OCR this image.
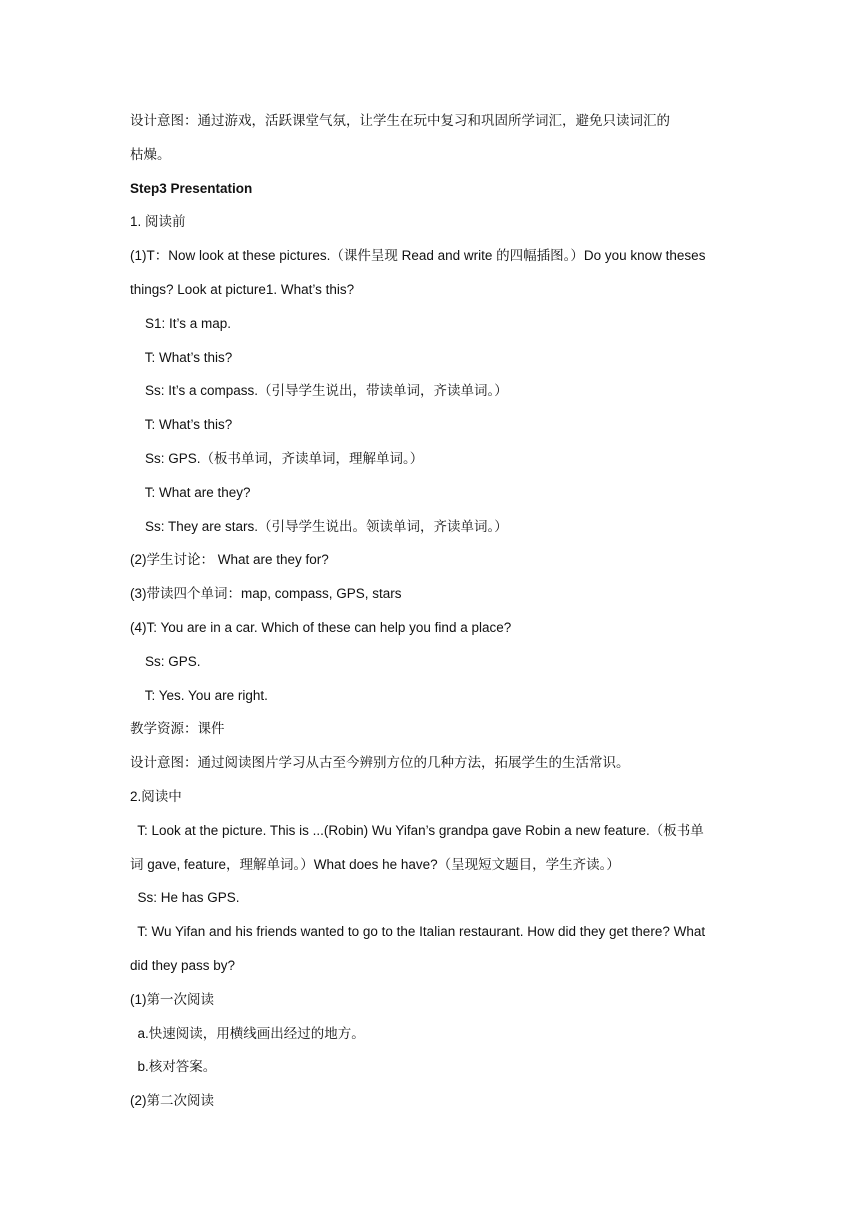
设计意图：通过游戏，活跃课堂气氛，让学生在玩中复习和巩固所学词汇，避免只读词汇的
枯燥。
Step3 Presentation
1. 阅读前
(1)T：Now look at these pictures.（课件呈现 Read and write 的四幅插图。）Do you know theses
things? Look at picture1. What’s this?
S1: It’s a map.
T: What’s this?
Ss: It’s a compass.（引导学生说出，带读单词，齐读单词。）
T: What’s this?
Ss: GPS.（板书单词，齐读单词，理解单词。）
T: What are they?
Ss: They are stars.（引导学生说出。领读单词，齐读单词。）
(2)学生讨论： What are they for?
(3)带读四个单词：map, compass, GPS, stars
(4)T: You are in a car. Which of these can help you find a place?
Ss: GPS.
T: Yes. You are right.
教学资源：课件
设计意图：通过阅读图片学习从古至今辨别方位的几种方法，拓展学生的生活常识。
2.阅读中
T: Look at the picture. This is ...(Robin) Wu Yifan’s grandpa gave Robin a new feature.（板书单
词 gave, feature，理解单词。）What does he have?（呈现短文题目，学生齐读。）
Ss: He has GPS.
T: Wu Yifan and his friends wanted to go to the Italian restaurant. How did they get there? What
did they pass by?
(1)第一次阅读
a.快速阅读，用横线画出经过的地方。
b.核对答案。
(2)第二次阅读
